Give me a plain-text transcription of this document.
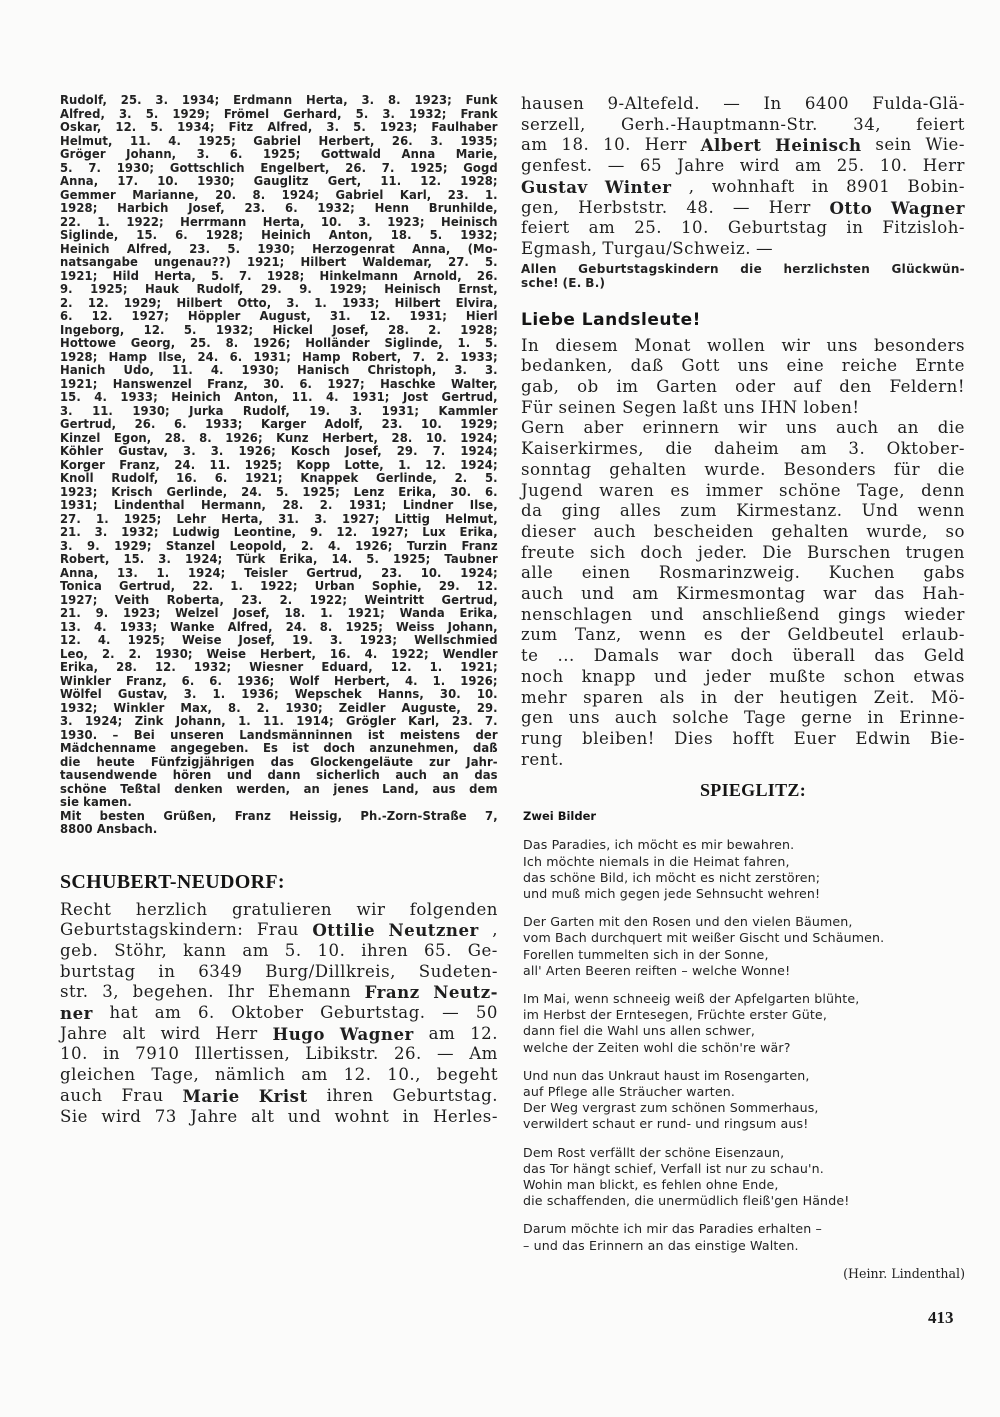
Rudolf, 25. 3. 1934; Erdmann Herta, 3. 8. 1923; Funk
Alfred, 3. 5. 1929; Frömel Gerhard, 5. 3. 1932; Frank
Oskar, 12. 5. 1934; Fitz Alfred, 3. 5. 1923; Faulhaber
Helmut, 11. 4. 1925; Gabriel Herbert, 26. 3. 1935;
Gröger Johann, 3. 6. 1925; Gottwald Anna Marie,
5. 7. 1930; Gottschlich Engelbert, 26. 7. 1925; Gogd
Anna, 17. 10. 1930; Gauglitz Gert, 11. 12. 1928;
Gemmer Marianne, 20. 8. 1924; Gabriel Karl, 23. 1.
1928; Harbich Josef, 23. 6. 1932; Henn Brunhilde,
22. 1. 1922; Herrmann Herta, 10. 3. 1923; Heinisch
Siglinde, 15. 6. 1928; Heinich Anton, 18. 5. 1932;
Heinich Alfred, 23. 5. 1930; Herzogenrat Anna, (Mo-
natsangabe ungenau??) 1921; Hilbert Waldemar, 27. 5.
1921; Hild Herta, 5. 7. 1928; Hinkelmann Arnold, 26.
9. 1925; Hauk Rudolf, 29. 9. 1929; Heinisch Ernst,
2. 12. 1929; Hilbert Otto, 3. 1. 1933; Hilbert Elvira,
6. 12. 1927; Höppler August, 31. 12. 1931; Hierl
Ingeborg, 12. 5. 1932; Hickel Josef, 28. 2. 1928;
Hottowe Georg, 25. 8. 1926; Holländer Siglinde, 1. 5.
1928; Hamp Ilse, 24. 6. 1931; Hamp Robert, 7. 2. 1933;
Hanich Udo, 11. 4. 1930; Hanisch Christoph, 3. 3.
1921; Hanswenzel Franz, 30. 6. 1927; Haschke Walter,
15. 4. 1933; Heinich Anton, 11. 4. 1931; Jost Gertrud,
3. 11. 1930; Jurka Rudolf, 19. 3. 1931; Kammler
Gertrud, 26. 6. 1933; Karger Adolf, 23. 10. 1929;
Kinzel Egon, 28. 8. 1926; Kunz Herbert, 28. 10. 1924;
Köhler Gustav, 3. 3. 1926; Kosch Josef, 29. 7. 1924;
Korger Franz, 24. 11. 1925; Kopp Lotte, 1. 12. 1924;
Knoll Rudolf, 16. 6. 1921; Knappek Gerlinde, 2. 5.
1923; Krisch Gerlinde, 24. 5. 1925; Lenz Erika, 30. 6.
1931; Lindenthal Hermann, 28. 2. 1931; Lindner Ilse,
27. 1. 1925; Lehr Herta, 31. 3. 1927; Littig Helmut,
21. 3. 1932; Ludwig Leontine, 9. 12. 1927; Lux Erika,
3. 9. 1929; Stanzel Leopold, 2. 4. 1926; Turzin Franz
Robert, 15. 3. 1924; Türk Erika, 14. 5. 1925; Taubner
Anna, 13. 1. 1924; Teisler Gertrud, 23. 10. 1924;
Tonica Gertrud, 22. 1. 1922; Urban Sophie, 29. 12.
1927; Veith Roberta, 23. 2. 1922; Weintritt Gertrud,
21. 9. 1923; Welzel Josef, 18. 1. 1921; Wanda Erika,
13. 4. 1933; Wanke Alfred, 24. 8. 1925; Weiss Johann,
12. 4. 1925; Weise Josef, 19. 3. 1923; Wellschmied
Leo, 2. 2. 1930; Weise Herbert, 16. 4. 1922; Wendler
Erika, 28. 12. 1932; Wiesner Eduard, 12. 1. 1921;
Winkler Franz, 6. 6. 1936; Wolf Herbert, 4. 1. 1926;
Wölfel Gustav, 3. 1. 1936; Wepschek Hanns, 30. 10.
1932; Winkler Max, 8. 2. 1930; Zeidler Auguste, 29.
3. 1924; Zink Johann, 1. 11. 1914; Grögler Karl, 23. 7.
1930. – Bei unseren Landsmänninnen ist meistens der
Mädchenname angegeben. Es ist doch anzunehmen, daß
die heute Fünfzigjährigen das Glockengeläute zur Jahr-
tausendwende hören und dann sicherlich auch an das
schöne Teßtal denken werden, an jenes Land, aus dem
sie kamen.
Mit besten Grüßen, Franz Heissig, Ph.-Zorn-Straße 7,
8800 Ansbach.
SCHUBERT-NEUDORF:
Recht herzlich gratulieren wir folgenden
Geburtstagskindern: Frau Ottilie Neutzner ,
geb. Stöhr, kann am 5. 10. ihren 65. Ge-
burtstag in 6349 Burg/Dillkreis, Sudeten-
str. 3, begehen. Ihr Ehemann Franz Neutz-
ner hat am 6. Oktober Geburtstag. — 50
Jahre alt wird Herr Hugo Wagner am 12.
10. in 7910 Illertissen, Libikstr. 26. — Am
gleichen Tage, nämlich am 12. 10., begeht
auch Frau Marie Krist ihren Geburtstag.
Sie wird 73 Jahre alt und wohnt in Herles-
hausen 9-Altefeld. — In 6400 Fulda-Glä-
serzell, Gerh.-Hauptmann-Str. 34, feiert
am 18. 10. Herr Albert Heinisch sein Wie-
genfest. — 65 Jahre wird am 25. 10. Herr
Gustav Winter , wohnhaft in 8901 Bobin-
gen, Herbststr. 48. — Herr Otto Wagner
feiert am 25. 10. Geburtstag in Fitzisloh-
Egmash, Turgau/Schweiz. —
Allen Geburtstagskindern die herzlichsten Glückwün-
sche! (E. B.)
Liebe Landsleute!
In diesem Monat wollen wir uns besonders
bedanken, daß Gott uns eine reiche Ernte
gab, ob im Garten oder auf den Feldern!
Für seinen Segen laßt uns IHN loben!
Gern aber erinnern wir uns auch an die
Kaiserkirmes, die daheim am 3. Oktober-
sonntag gehalten wurde. Besonders für die
Jugend waren es immer schöne Tage, denn
da ging alles zum Kirmestanz. Und wenn
dieser auch bescheiden gehalten wurde, so
freute sich doch jeder. Die Burschen trugen
alle einen Rosmarinzweig. Kuchen gabs
auch und am Kirmesmontag war das Hah-
nenschlagen und anschließend gings wieder
zum Tanz, wenn es der Geldbeutel erlaub-
te ... Damals war doch überall das Geld
noch knapp und jeder mußte schon etwas
mehr sparen als in der heutigen Zeit. Mö-
gen uns auch solche Tage gerne in Erinne-
rung bleiben! Dies hofft Euer Edwin Bie-
rent.
SPIEGLITZ:
Zwei Bilder
Das Paradies, ich möcht es mir bewahren.
Ich möchte niemals in die Heimat fahren,
das schöne Bild, ich möcht es nicht zerstören;
und muß mich gegen jede Sehnsucht wehren!
Der Garten mit den Rosen und den vielen Bäumen,
vom Bach durchquert mit weißer Gischt und Schäumen.
Forellen tummelten sich in der Sonne,
all' Arten Beeren reiften – welche Wonne!
Im Mai, wenn schneeig weiß der Apfelgarten blühte,
im Herbst der Erntesegen, Früchte erster Güte,
dann fiel die Wahl uns allen schwer,
welche der Zeiten wohl die schön're wär?
Und nun das Unkraut haust im Rosengarten,
auf Pflege alle Sträucher warten.
Der Weg vergrast zum schönen Sommerhaus,
verwildert schaut er rund- und ringsum aus!
Dem Rost verfällt der schöne Eisenzaun,
das Tor hängt schief, Verfall ist nur zu schau'n.
Wohin man blickt, es fehlen ohne Ende,
die schaffenden, die unermüdlich fleiß'gen Hände!
Darum möchte ich mir das Paradies erhalten –
– und das Erinnern an das einstige Walten.
(Heinr. Lindenthal)
413
